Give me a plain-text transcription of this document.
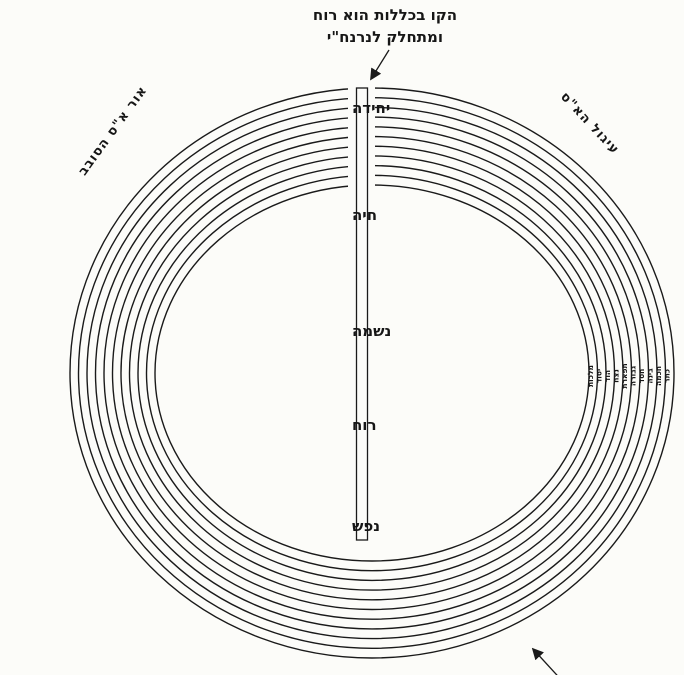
הקו בכללות הוא רוח
ומתחלק לנרנח"י
אור א"ס הסובב	עיגול הא"ס
יחידה
חיה
נשמה
רוח
נפש
כתר
חכמה
בינה
חסד
גבורה
תפארת
נצח
הוד
יסוד
מלכות
